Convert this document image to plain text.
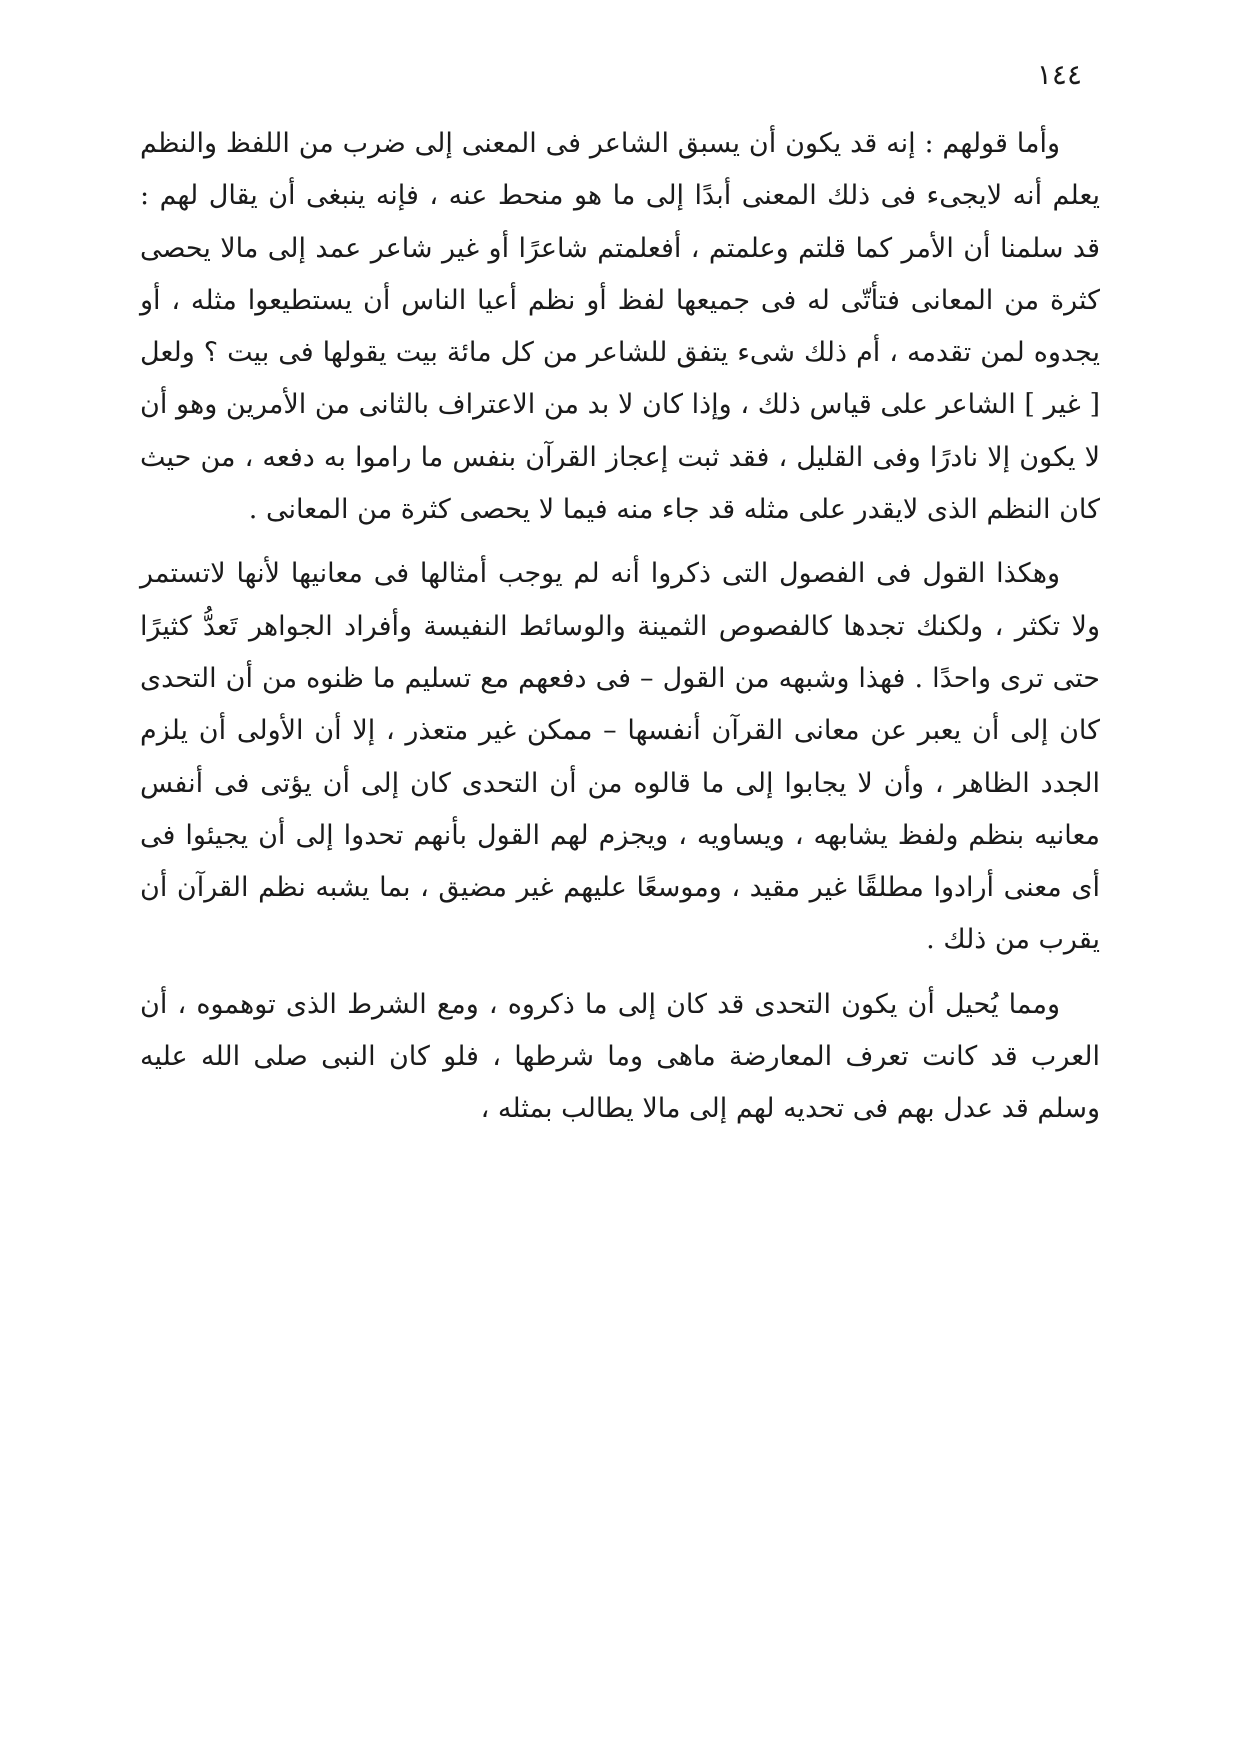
١٤٤

وأما قولهم : إنه قد يكون أن يسبق الشاعر فى المعنى إلى ضرب من اللفظ والنظم يعلم أنه لايجىء فى ذلك المعنى أبدًا إلى ما هو منحط عنه ، فإنه ينبغى أن يقال لهم : قد سلمنا أن الأمر كما قلتم وعلمتم ، أفعلمتم شاعرًا أو غير شاعر عمد إلى مالا يحصى كثرة من المعانى فتأتّى له فى جميعها لفظ أو نظم أعيا الناس أن يستطيعوا مثله ، أو يجدوه لمن تقدمه ، أم ذلك شىء يتفق للشاعر من كل مائة بيت يقولها فى بيت ؟ ولعل [ غير ] الشاعر على قياس ذلك ، وإذا كان لا بد من الاعتراف بالثانى من الأمرين وهو أن لا يكون إلا نادرًا وفى القليل ، فقد ثبت إعجاز القرآن بنفس ما راموا به دفعه ، من حيث كان النظم الذى لايقدر على مثله قد جاء منه فيما لا يحصى كثرة من المعانى .

وهكذا القول فى الفصول التى ذكروا أنه لم يوجب أمثالها فى معانيها لأنها لاتستمر ولا تكثر ، ولكنك تجدها كالفصوص الثمينة والوسائط النفيسة وأفراد الجواهر تَعدُّ كثيرًا حتى ترى واحدًا . فهذا وشبهه من القول – فى دفعهم مع تسليم ما ظنوه من أن التحدى كان إلى أن يعبر عن معانى القرآن أنفسها – ممكن غير متعذر ، إلا أن الأولى أن يلزم الجدد الظاهر ، وأن لا يجابوا إلى ما قالوه من أن التحدى كان إلى أن يؤتى فى أنفس معانيه بنظم ولفظ يشابهه ، ويساويه ، ويجزم لهم القول بأنهم تحدوا إلى أن يجيئوا فى أى معنى أرادوا مطلقًا غير مقيد ، وموسعًا عليهم غير مضيق ، بما يشبه نظم القرآن أن يقرب من ذلك .

ومما يُحيل أن يكون التحدى قد كان إلى ما ذكروه ، ومع الشرط الذى توهموه ، أن العرب قد كانت تعرف المعارضة ماهى وما شرطها ، فلو كان النبى صلى الله عليه وسلم قد عدل بهم فى تحديه لهم إلى مالا يطالب بمثله ،
